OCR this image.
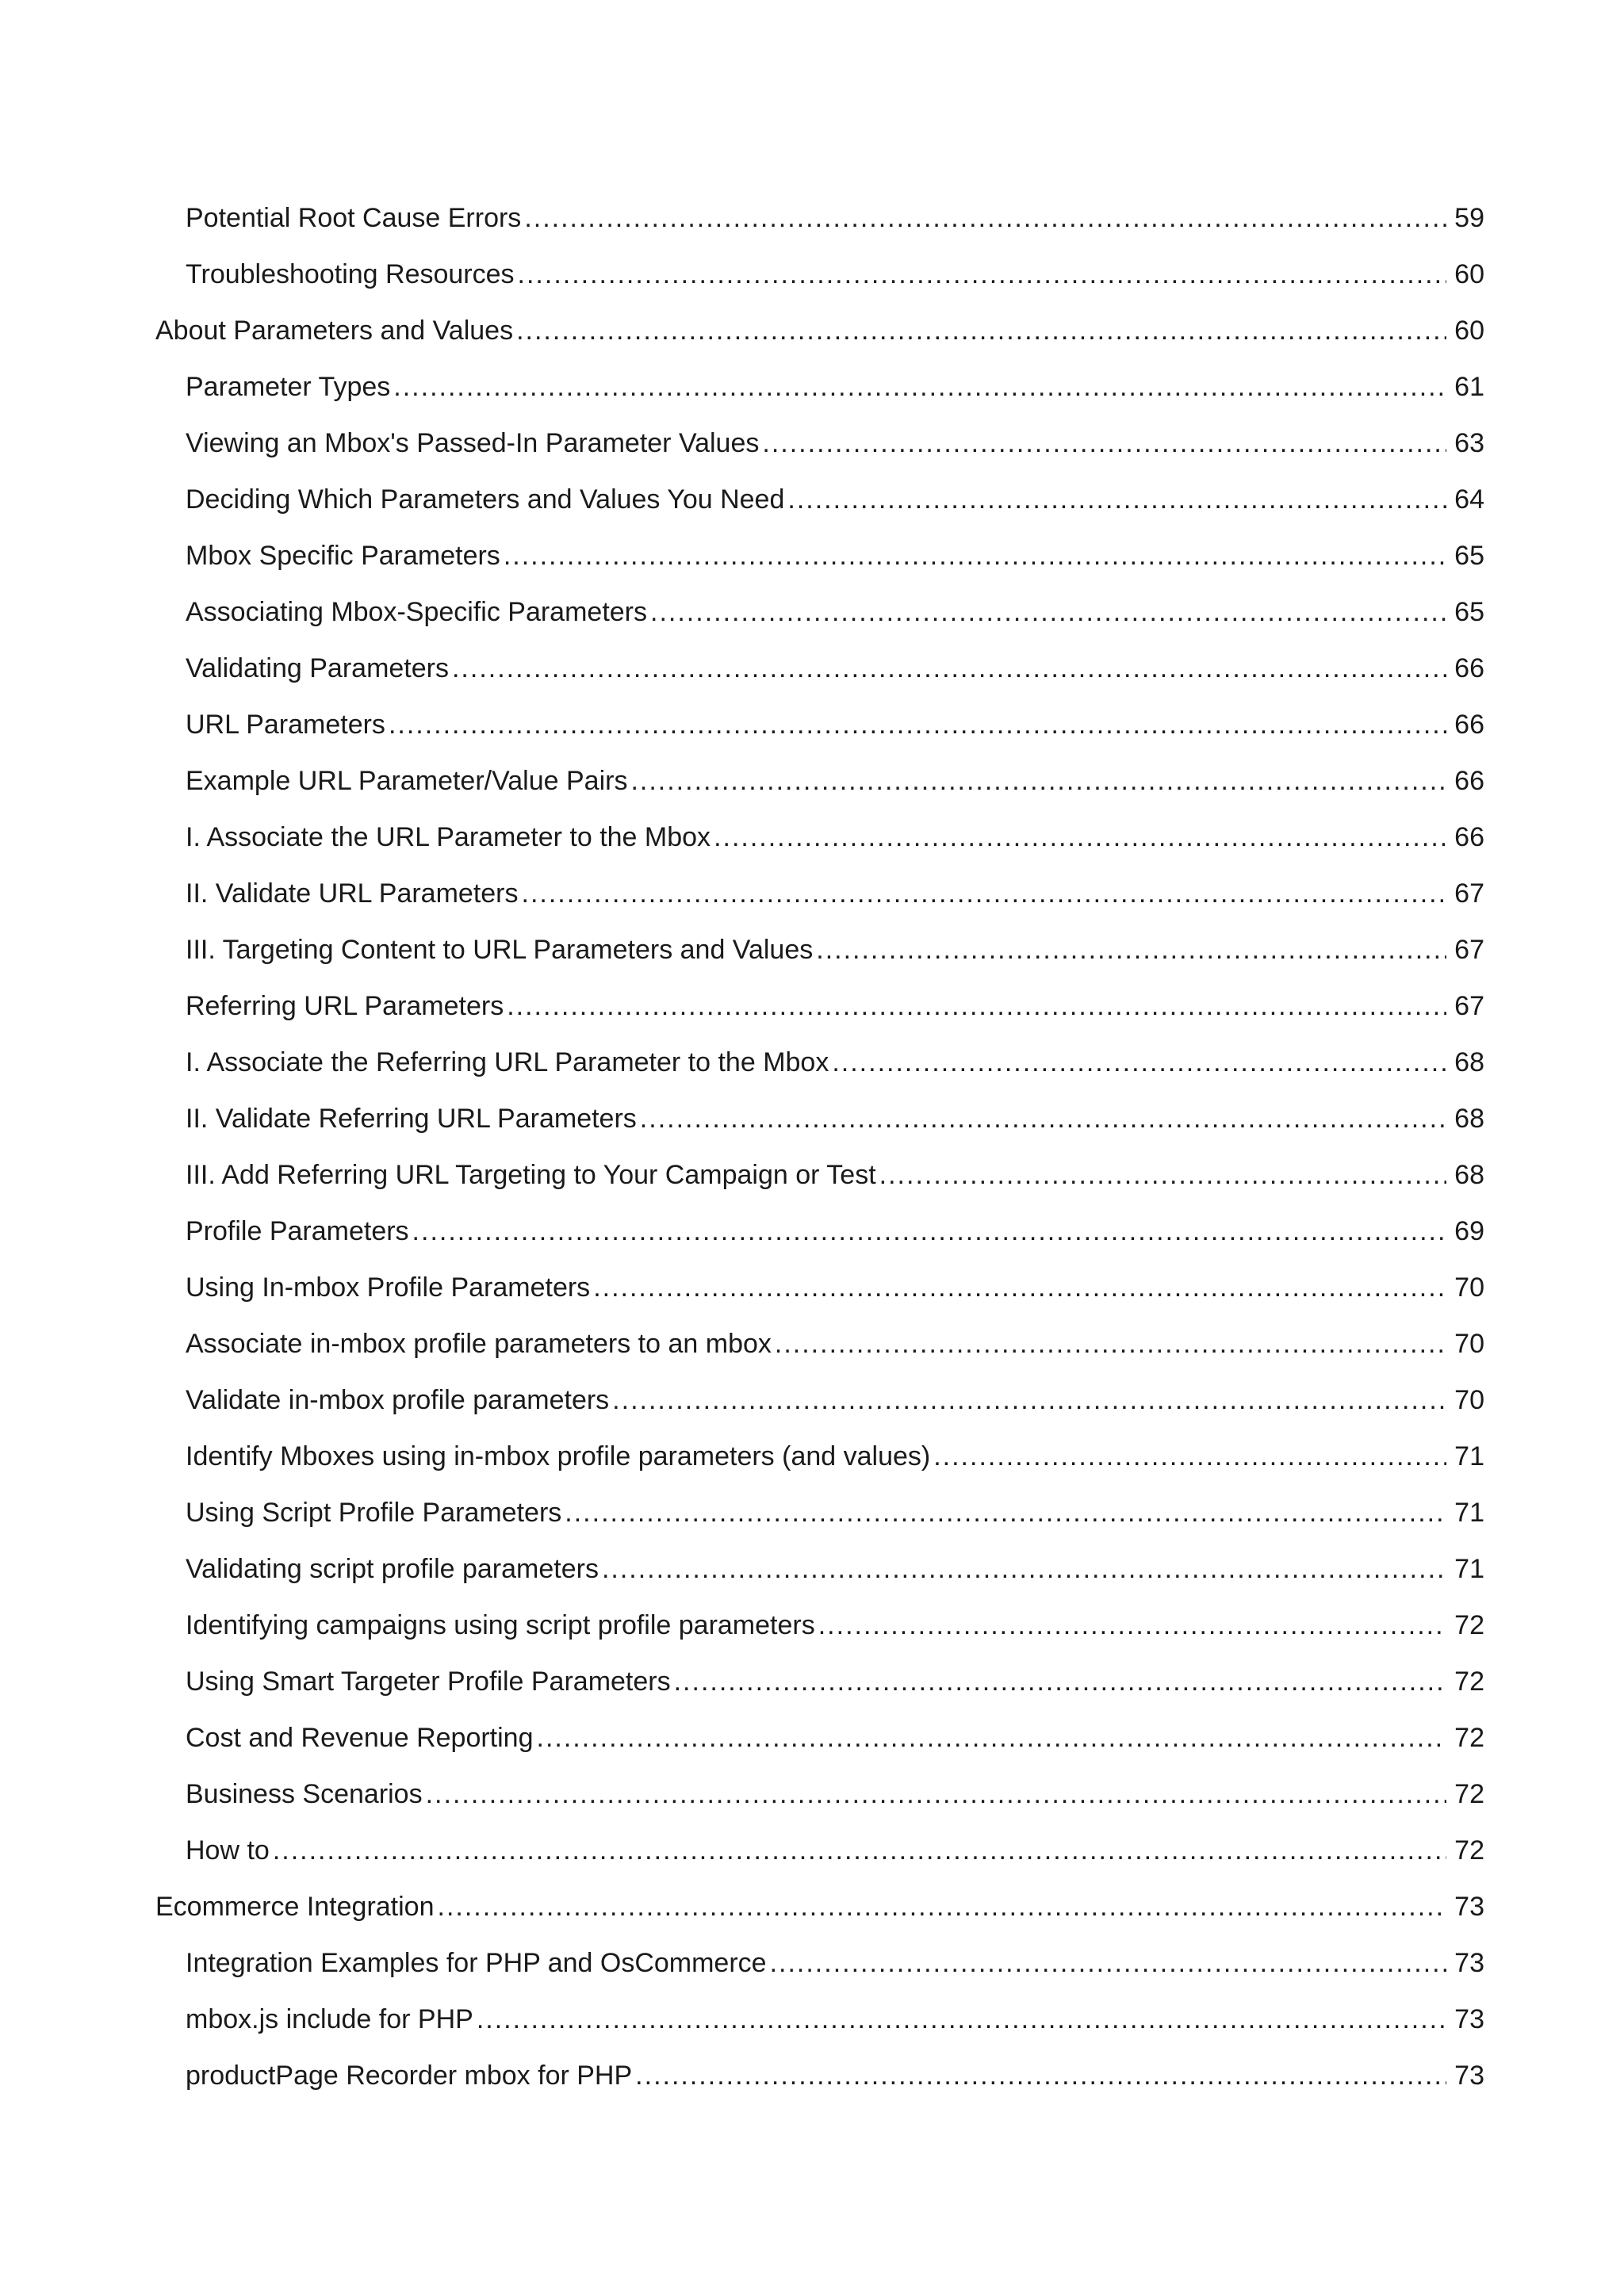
Potential Root Cause Errors .....	59
Troubleshooting Resources .....	60
About Parameters and Values .....	60
Parameter Types .....	61
Viewing an Mbox's Passed-In Parameter Values .....	63
Deciding Which Parameters and Values You Need .....	64
Mbox Specific Parameters .....	65
Associating Mbox-Specific Parameters .....	65
Validating Parameters .....	66
URL Parameters .....	66
Example URL Parameter/Value Pairs .....	66
I. Associate the URL Parameter to the Mbox .....	66
II. Validate URL Parameters .....	67
III. Targeting Content to URL Parameters and Values .....	67
Referring URL Parameters .....	67
I. Associate the Referring URL Parameter to the Mbox .....	68
II. Validate Referring URL Parameters .....	68
III. Add Referring URL Targeting to Your Campaign or Test .....	68
Profile Parameters .....	69
Using In-mbox Profile Parameters .....	70
Associate in-mbox profile parameters to an mbox .....	70
Validate in-mbox profile parameters .....	70
Identify Mboxes using in-mbox profile parameters (and values) .....	71
Using Script Profile Parameters .....	71
Validating script profile parameters .....	71
Identifying campaigns using script profile parameters .....	72
Using Smart Targeter Profile Parameters .....	72
Cost and Revenue Reporting .....	72
Business Scenarios .....	72
How to .....	72
Ecommerce Integration .....	73
Integration Examples for PHP and OsCommerce .....	73
mbox.js include for PHP .....	73
productPage Recorder mbox for PHP .....	73
